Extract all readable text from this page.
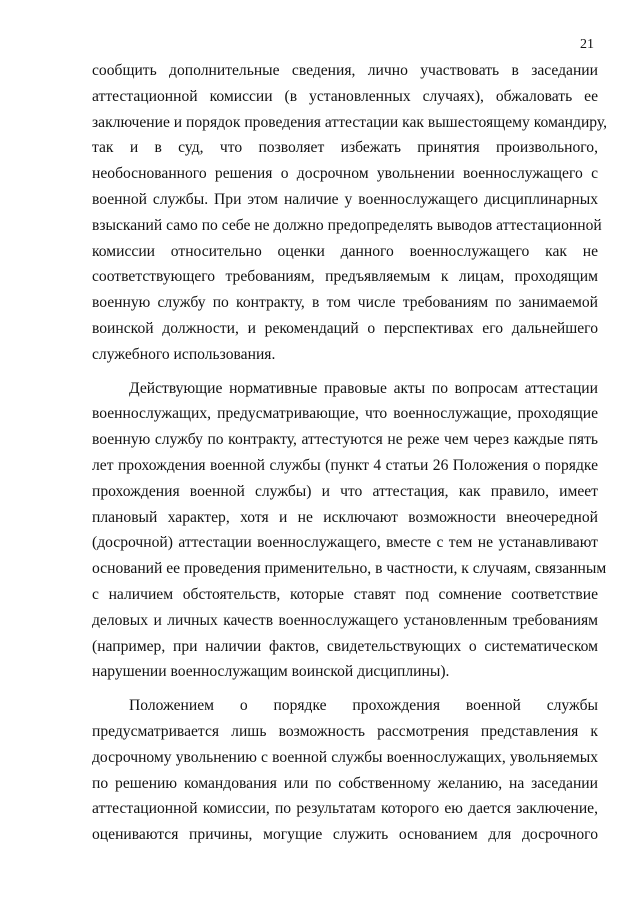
21
сообщить дополнительные сведения, лично участвовать в заседании
аттестационной комиссии (в установленных случаях), обжаловать ее
заключение и порядок проведения аттестации как вышестоящему командиру,
так и в суд, что позволяет избежать принятия произвольного,
необоснованного решения о досрочном увольнении военнослужащего с
военной службы. При этом наличие у военнослужащего дисциплинарных
взысканий само по себе не должно предопределять выводов аттестационной
комиссии относительно оценки данного военнослужащего как не
соответствующего требованиям, предъявляемым к лицам, проходящим
военную службу по контракту, в том числе требованиям по занимаемой
воинской должности, и рекомендаций о перспективах его дальнейшего
служебного использования.
Действующие нормативные правовые акты по вопросам аттестации
военнослужащих, предусматривающие, что военнослужащие, проходящие
военную службу по контракту, аттестуются не реже чем через каждые пять
лет прохождения военной службы (пункт 4 статьи 26 Положения о порядке
прохождения военной службы) и что аттестация, как правило, имеет
плановый характер, хотя и не исключают возможности внеочередной
(досрочной) аттестации военнослужащего, вместе с тем не устанавливают
оснований ее проведения применительно, в частности, к случаям, связанным
с наличием обстоятельств, которые ставят под сомнение соответствие
деловых и личных качеств военнослужащего установленным требованиям
(например, при наличии фактов, свидетельствующих о систематическом
нарушении военнослужащим воинской дисциплины).
Положением о порядке прохождения военной службы
предусматривается лишь возможность рассмотрения представления к
досрочному увольнению с военной службы военнослужащих, увольняемых
по решению командования или по собственному желанию, на заседании
аттестационной комиссии, по результатам которого ею дается заключение,
оцениваются причины, могущие служить основанием для досрочного
